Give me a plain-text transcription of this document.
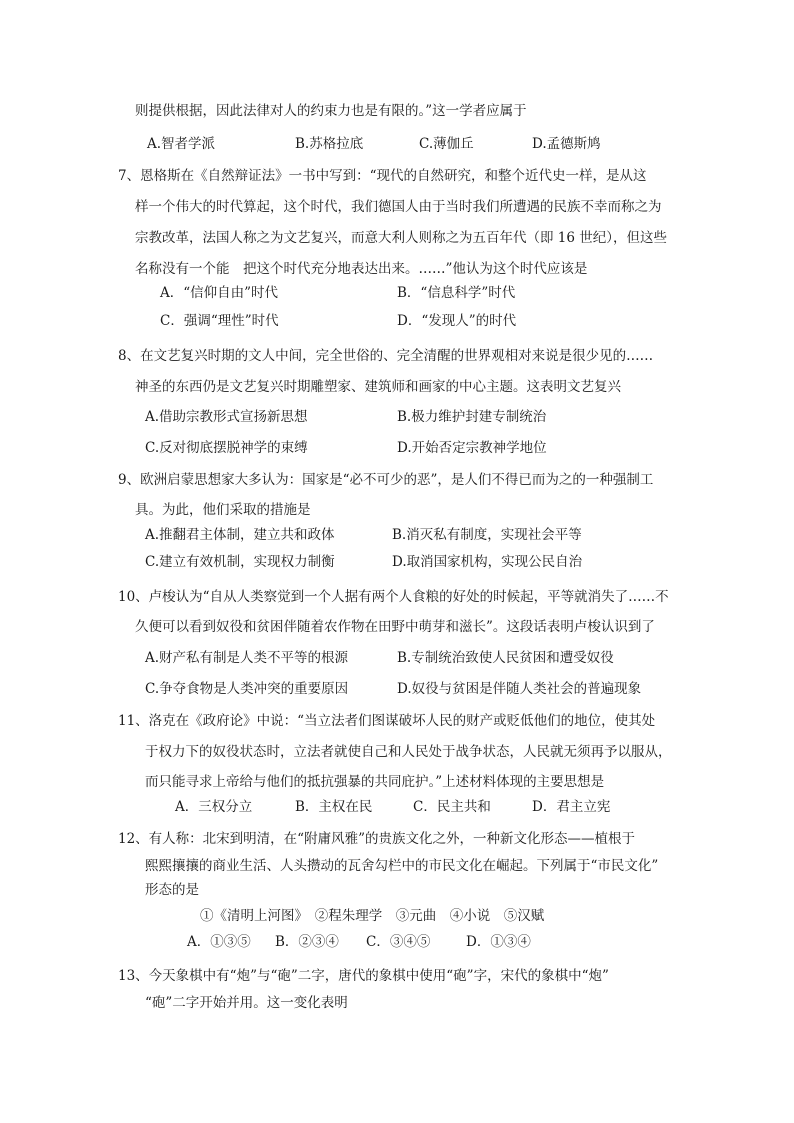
则提供根据，因此法律对人的约束力也是有限的。”这一学者应属于
A.智者学派	B.苏格拉底	C.薄伽丘	D.孟德斯鸠
7、恩格斯在《自然辩证法》一书中写到：“现代的自然研究，和整个近代史一样，是从这
样一个伟大的时代算起，这个时代，我们德国人由于当时我们所遭遇的民族不幸而称之为
宗教改革，法国人称之为文艺复兴，而意大利人则称之为五百年代（即 16 世纪），但这些
名称没有一个能　把这个时代充分地表达出来。……”他认为这个时代应该是
A．“信仰自由”时代	B．“信息科学”时代
C．强调“理性”时代	D．“发现人”的时代
8、在文艺复兴时期的文人中间，完全世俗的、完全清醒的世界观相对来说是很少见的……
神圣的东西仍是文艺复兴时期雕塑家、建筑师和画家的中心主题。这表明文艺复兴
A.借助宗教形式宣扬新思想	B.极力维护封建专制统治
C.反对彻底摆脱神学的束缚	D.开始否定宗教神学地位
9、欧洲启蒙思想家大多认为：国家是“必不可少的恶”，是人们不得已而为之的一种强制工
具。为此，他们采取的措施是
A.推翻君主体制，建立共和政体	B.消灭私有制度，实现社会平等
C.建立有效机制，实现权力制衡	D.取消国家机构，实现公民自治
10、卢梭认为“自从人类察觉到一个人据有两个人食粮的好处的时候起，平等就消失了……不
久便可以看到奴役和贫困伴随着农作物在田野中萌芽和滋长”。这段话表明卢梭认识到了
A.财产私有制是人类不平等的根源	B.专制统治致使人民贫困和遭受奴役
C.争夺食物是人类冲突的重要原因	D.奴役与贫困是伴随人类社会的普遍现象
11、洛克在《政府论》中说：“当立法者们图谋破坏人民的财产或贬低他们的地位，使其处
于权力下的奴役状态时，立法者就使自己和人民处于战争状态，人民就无须再予以服从，
而只能寻求上帝给与他们的抵抗强暴的共同庇护。”上述材料体现的主要思想是
A．三权分立	B．主权在民	C．民主共和	D．君主立宪
12、有人称：北宋到明清，在“附庸风雅”的贵族文化之外，一种新文化形态——植根于
熙熙攘攘的商业生活、人头攒动的瓦舍勾栏中的市民文化在崛起。下列属于“市民文化”
形态的是
①《清明上河图》　②程朱理学　③元曲　④小说　⑤汉赋
A．①③⑤ B．②③④ C．③④⑤	D．①③④
13、今天象棋中有“炮”与“砲”二字，唐代的象棋中使用“砲”字，宋代的象棋中“炮”
“砲”二字开始并用。这一变化表明
